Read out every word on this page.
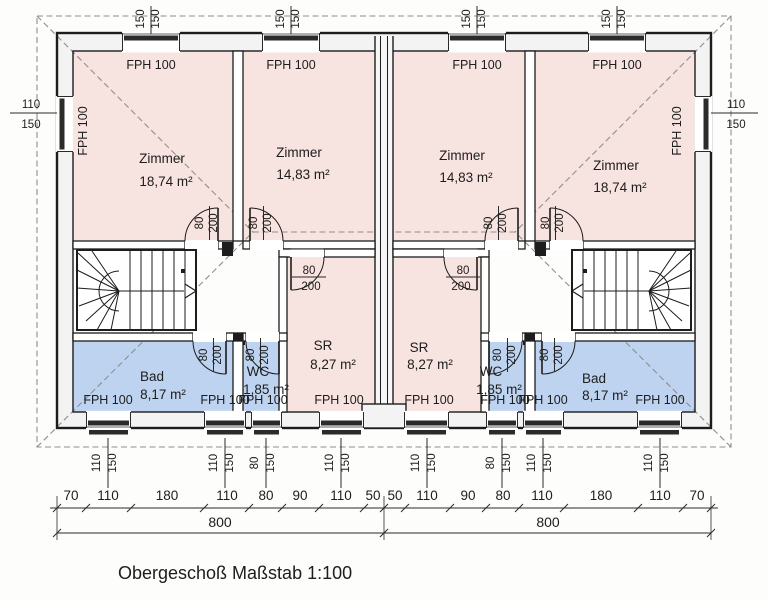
FPH 100	FPH 100	FPH 100	FPH 100
FPH 100	FPH 100
FPH 100	FPH 100
FPH 100 FPH 100	FPH 100 FPH 100
FPH 100	FPH 100
Zimmer
18,74 m²
Zimmer
14,83 m²
Zimmer
14,83 m²
Zimmer
18,74 m²
SR
8,27 m²
SR
8,27 m²
Bad
8,17 m²
Bad
8,17 m²
WC
1,85 m²
WC
1,85 m²
80 200 80 200
80
200
80 200 80 200
80 200
80 200
80
200
80 200
80 200
150 150	150 150	150 150	150 150
110
150
110
150
110 150	110 150 80 150	110 150	110 150	80 150 110 150	110 150
70 110	180	110 80 90 110 50 50 110 90 80 110	180	110 70
800	800
Obergeschoß Maßstab 1:100
